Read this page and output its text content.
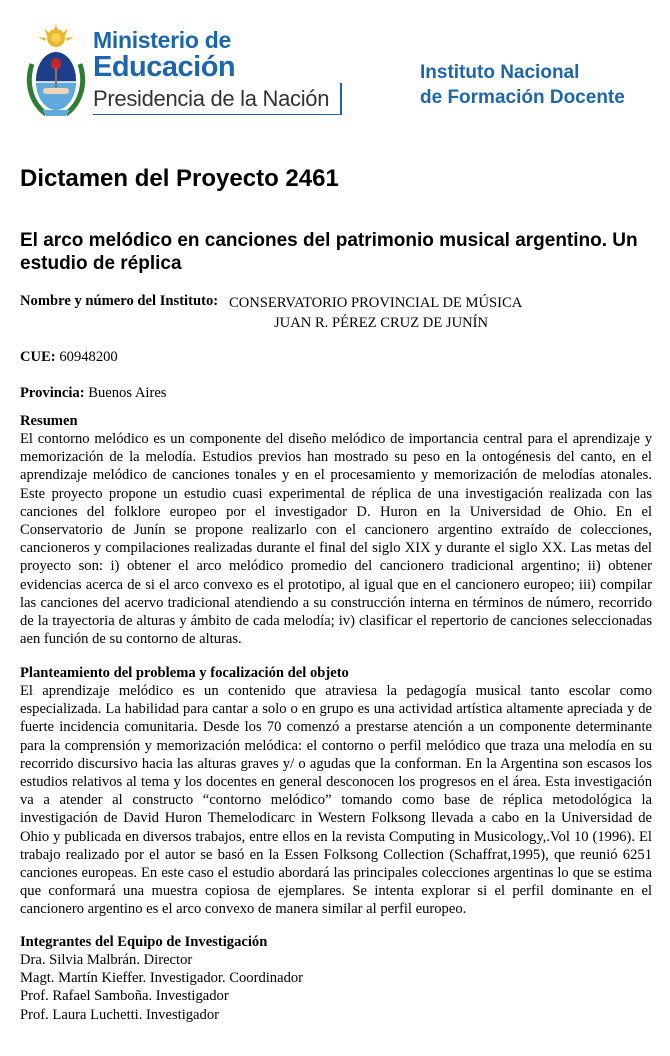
Ministerio de
Educación
Presidencia de la Nación
Instituto Nacional
de Formación Docente
Dictamen del Proyecto 2461
El arco melódico en canciones del patrimonio musical argentino. Un estudio de réplica
Nombre y número del Instituto: CONSERVATORIO PROVINCIAL DE MÚSICA
JUAN R. PÉREZ CRUZ DE JUNÍN
CUE: 60948200
Provincia: Buenos Aires
Resumen

El contorno melódico es un componente del diseño melódico de importancia central para el aprendizaje y memorización de la melodía. Estudios previos han mostrado su peso en la ontogénesis del canto, en el aprendizaje melódico de canciones tonales y en el procesamiento y memorización de melodías atonales. Este proyecto propone un estudio cuasi experimental de réplica de una investigación realizada con las canciones del folklore europeo por el investigador D. Huron en la Universidad de Ohio. En el Conservatorio de Junín se propone realizarlo con el cancionero argentino extraído de colecciones, cancioneros y compilaciones realizadas durante el final del siglo XIX y durante el siglo XX. Las metas del proyecto son: i) obtener el arco melódico promedio del cancionero tradicional argentino; ii) obtener evidencias acerca de si el arco convexo es el prototipo, al igual que en el cancionero europeo; iii) compilar las canciones del acervo tradicional atendiendo a su construcción interna en términos de número, recorrido de la trayectoria de alturas y ámbito de cada melodía; iv) clasificar el repertorio de canciones seleccionadas aen función de su contorno de alturas.

Planteamiento del problema y focalización del objeto

El aprendizaje melódico es un contenido que atraviesa la pedagogía musical tanto escolar como especializada. La habilidad para cantar a solo o en grupo es una actividad artística altamente apreciada y de fuerte incidencia comunitaria. Desde los 70 comenzó a prestarse atención a un componente determinante para la comprensión y memorización melódica: el contorno o perfil melódico que traza una melodía en su recorrido discursivo hacia las alturas graves y/ o agudas que la conforman. En la Argentina son escasos los estudios relativos al tema y los docentes en general desconocen los progresos en el área. Esta investigación va a atender al constructo “contorno melódico” tomando como base de réplica metodológica la investigación de David Huron Themelodicarc in Western Folksong llevada a cabo en la Universidad de Ohio y publicada en diversos trabajos, entre ellos en la revista Computing in Musicology,.Vol 10 (1996). El trabajo realizado por el autor se basó en la Essen Folksong Collection (Schaffrat,1995), que reunió 6251 canciones europeas. En este caso el estudio abordará las principales colecciones argentinas lo que se estima que conformará una muestra copiosa de ejemplares. Se intenta explorar si el perfil dominante en el cancionero argentino es el arco convexo de manera similar al perfil europeo.

Integrantes del Equipo de Investigación
Dra. Silvia Malbrán. Director
Magt. Martín Kieffer. Investigador. Coordinador
Prof. Rafael Samboña. Investigador
Prof. Laura Luchetti. Investigador
